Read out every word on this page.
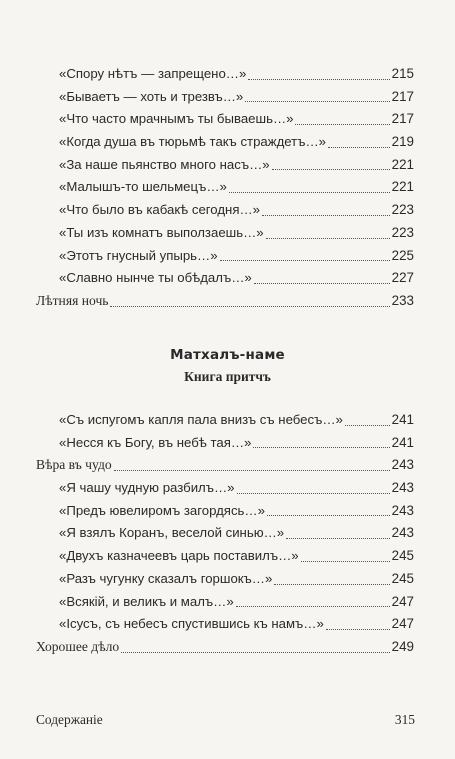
«Спору нѣтъ — запрещено…»	215
«Бываетъ — хоть и трезвъ…»	217
«Что часто мрачнымъ ты бываешь…»	217
«Когда душа въ тюрьмѣ такъ страждетъ…»	219
«За наше пьянство много насъ…»	221
«Малышъ-то шельмецъ…»	221
«Что было въ кабакѣ сегодня…»	223
«Ты изъ комнатъ выползаешь…»	223
«Этотъ гнусный упырь…»	225
«Славно нынче ты обѣдалъ…»	227
Лѣтняя ночь	233
Матхалъ-наме
Книга притчъ
«Съ испугомъ капля пала внизъ съ небесъ…»	241
«Несся къ Богу, въ небѣ тая…»	241
Вѣра въ чудо	243
«Я чашу чудную разбилъ…»	243
«Предъ ювелиромъ загордясь…»	243
«Я взялъ Коранъ, веселой синью…»	243
«Двухъ казначеевъ царь поставилъ…»	245
«Разъ чугунку сказалъ горшокъ…»	245
«Всякій, и великъ и малъ…»	247
«Iсусъ, съ небесъ спустившись къ намъ…»	247
Хорошее дѣло	249
Содержаніе	315
